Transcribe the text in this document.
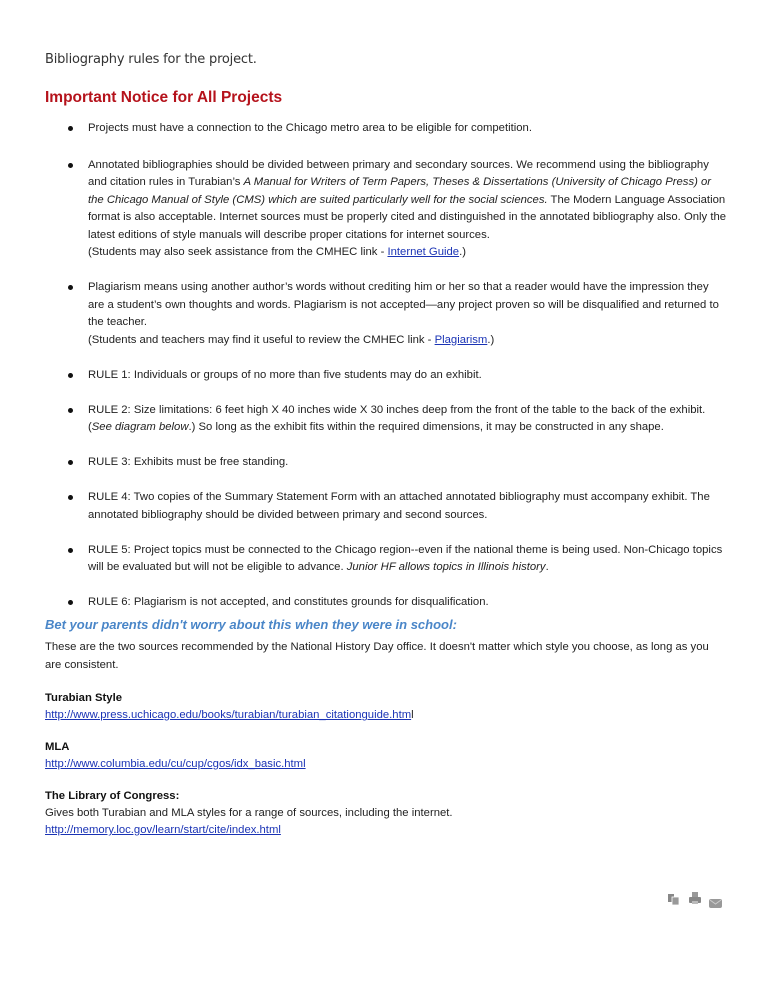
Bibliography rules for the project.
Important Notice for All Projects
Projects must have a connection to the Chicago metro area to be eligible for competition.
Annotated bibliographies should be divided between primary and secondary sources. We recommend using the bibliography and citation rules in Turabian’s A Manual for Writers of Term Papers, Theses & Dissertations (University of Chicago Press) or the Chicago Manual of Style (CMS) which are suited particularly well for the social sciences. The Modern Language Association format is also acceptable. Internet sources must be properly cited and distinguished in the annotated bibliography also. Only the latest editions of style manuals will describe proper citations for internet sources.
(Students may also seek assistance from the CMHEC link - Internet Guide.)
Plagiarism means using another author’s words without crediting him or her so that a reader would have the impression they are a student’s own thoughts and words. Plagiarism is not accepted—any project proven so will be disqualified and returned to the teacher.
(Students and teachers may find it useful to review the CMHEC link - Plagiarism.)
RULE 1: Individuals or groups of no more than five students may do an exhibit.
RULE 2: Size limitations: 6 feet high X 40 inches wide X 30 inches deep from the front of the table to the back of the exhibit. (See diagram below.) So long as the exhibit fits within the required dimensions, it may be constructed in any shape.
RULE 3: Exhibits must be free standing.
RULE 4: Two copies of the Summary Statement Form with an attached annotated bibliography must accompany exhibit. The annotated bibliography should be divided between primary and second sources.
RULE 5: Project topics must be connected to the Chicago region--even if the national theme is being used. Non-Chicago topics will be evaluated but will not be eligible to advance. Junior HF allows topics in Illinois history.
RULE 6: Plagiarism is not accepted, and constitutes grounds for disqualification.
Bet your parents didn't worry about this when they were in school:
These are the two sources recommended by the National History Day office. It doesn't matter which style you choose, as long as you are consistent.
Turabian Style
http://www.press.uchicago.edu/books/turabian/turabian_citationguide.html
MLA
http://www.columbia.edu/cu/cup/cgos/idx_basic.html
The Library of Congress:
Gives both Turabian and MLA styles for a range of sources, including the internet.
http://memory.loc.gov/learn/start/cite/index.html
